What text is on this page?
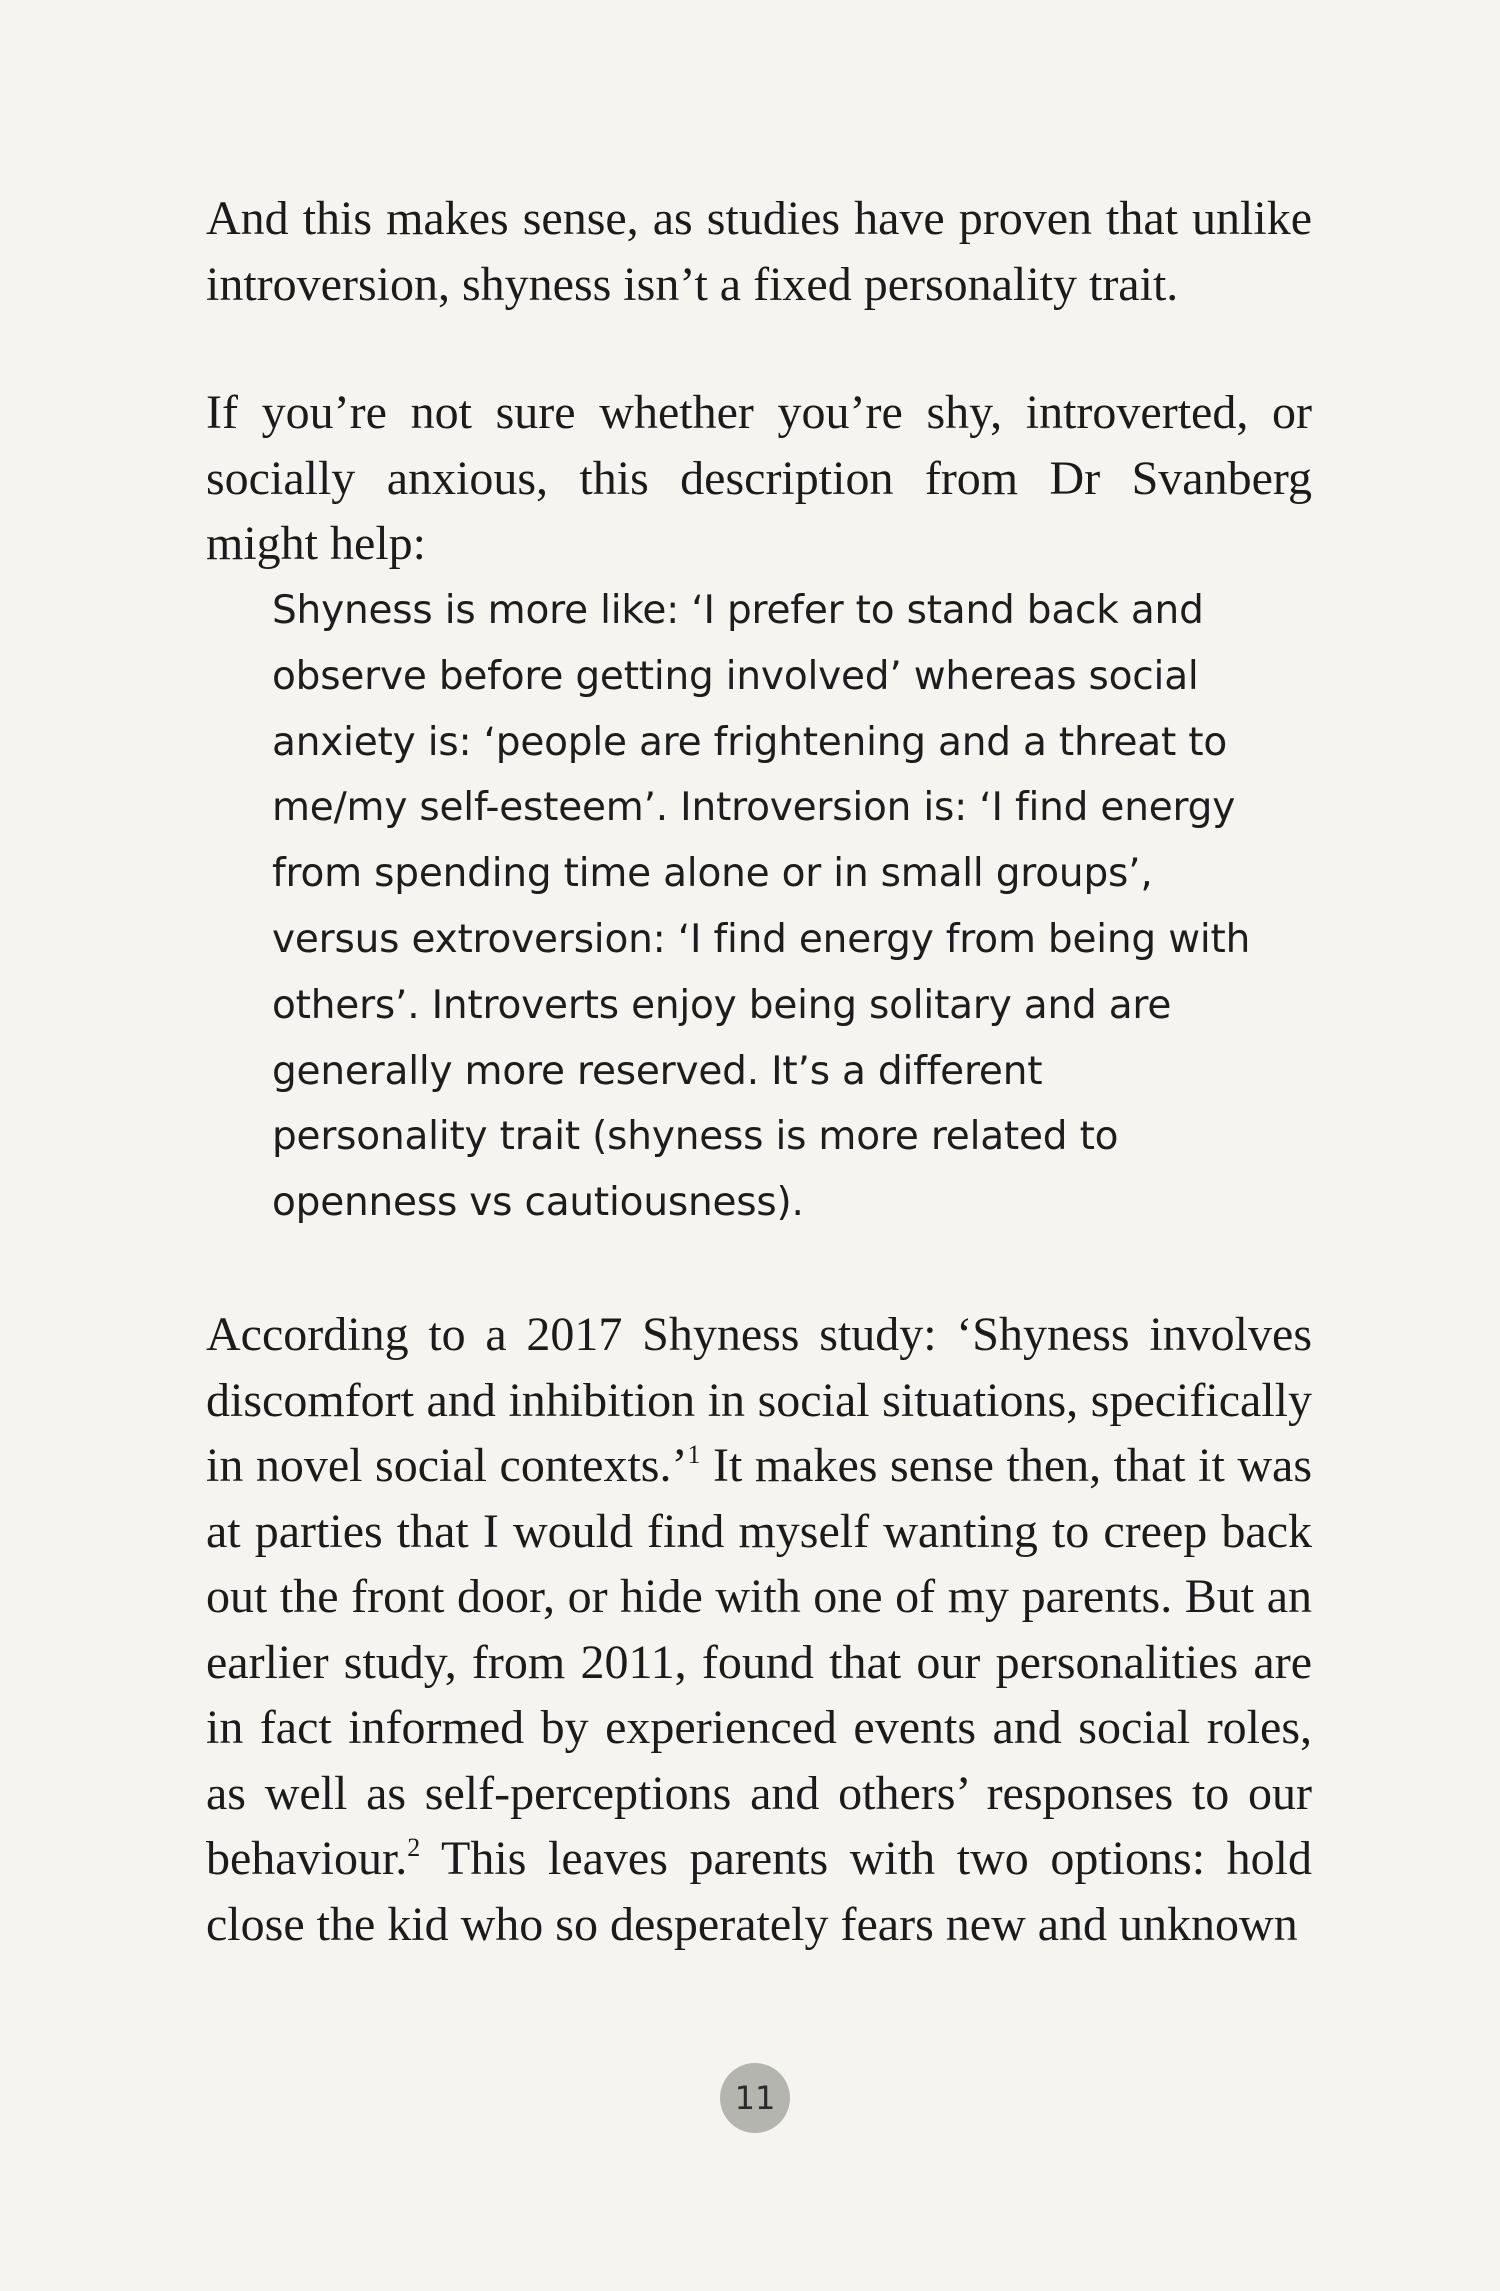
And this makes sense, as studies have proven that unlike introversion, shyness isn’t a fixed personality trait.

If you’re not sure whether you’re shy, introverted, or socially anxious, this description from Dr Svanberg might help:

Shyness is more like: ‘I prefer to stand back and observe before getting involved’ whereas social anxiety is: ‘people are frightening and a threat to me/my self-esteem’. Introversion is: ‘I find energy from spending time alone or in small groups’, versus extroversion: ‘I find energy from being with others’. Introverts enjoy being solitary and are generally more reserved. It’s a different personality trait (shyness is more related to openness vs cautiousness).

According to a 2017 Shyness study: ‘Shyness involves discomfort and inhibition in social situations, specifically in novel social contexts.’$^1$ It makes sense then, that it was at parties that I would find myself wanting to creep back out the front door, or hide with one of my parents. But an earlier study, from 2011, found that our personalities are in fact informed by experienced events and social roles, as well as self-perceptions and others’ responses to our behaviour.$^2$ This leaves parents with two options: hold close the kid who so desperately fears new and unknown

11
